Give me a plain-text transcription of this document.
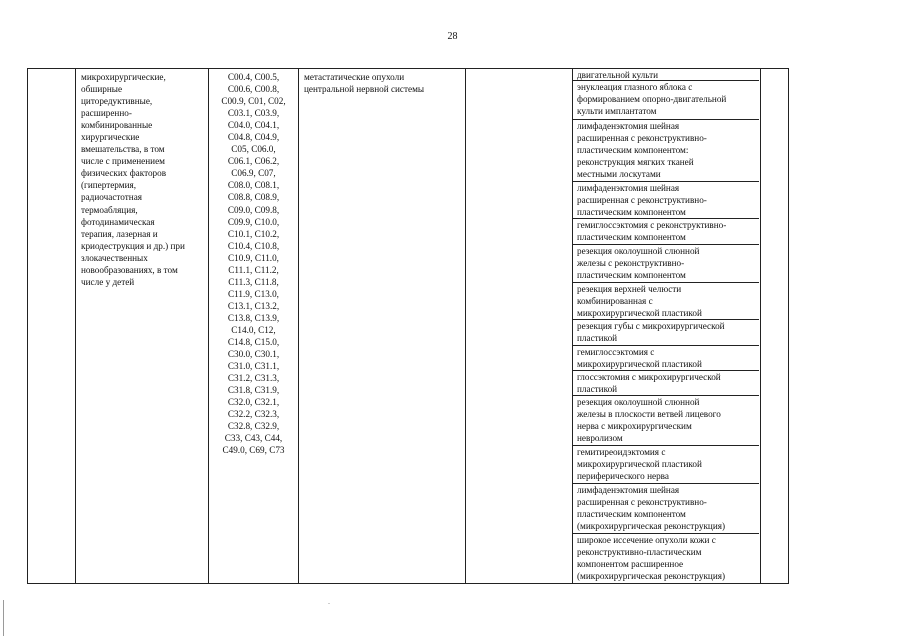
28
микрохирургические,
обширные
циторедуктивные,
расширенно-
комбинированные
хирургические
вмешательства, в том
числе с применением
физических факторов
(гипертермия,
радиочастотная
термоабляция,
фотодинамическая
терапия, лазерная и
криодеструкция и др.) при
злокачественных
новообразованиях, в том
числе у детей
C00.4, C00.5,
C00.6, C00.8,
C00.9, C01, C02,
C03.1, C03.9,
C04.0, C04.1,
C04.8, C04.9,
C05, C06.0,
C06.1, C06.2,
C06.9, C07,
C08.0, C08.1,
C08.8, C08.9,
C09.0, C09.8,
C09.9, C10.0,
C10.1, C10.2,
C10.4, C10.8,
C10.9, C11.0,
C11.1, C11.2,
C11.3, C11.8,
C11.9, C13.0,
C13.1, C13.2,
C13.8, C13.9,
C14.0, C12,
C14.8, C15.0,
C30.0, C30.1,
C31.0, C31.1,
C31.2, C31.3,
C31.8, C31.9,
C32.0, C32.1,
C32.2, C32.3,
C32.8, C32.9,
C33, C43, C44,
C49.0, C69, C73
метастатические опухоли
центральной нервной системы
двигательной культи
энуклеация глазного яблока с
формированием опорно-двигательной
культи имплантатом
лимфаденэктомия шейная
расширенная с реконструктивно-
пластическим компонентом:
реконструкция мягких тканей
местными лоскутами
лимфаденэктомия шейная
расширенная с реконструктивно-
пластическим компонентом
гемиглоссэктомия с реконструктивно-
пластическим компонентом
резекция околоушной слюнной
железы с реконструктивно-
пластическим компонентом
резекция верхней челюсти
комбинированная с
микрохирургической пластикой
резекция губы с микрохирургической
пластикой
гемиглоссэктомия с
микрохирургической пластикой
глоссэктомия с микрохирургической
пластикой
резекция околоушной слюнной
железы в плоскости ветвей лицевого
нерва с микрохирургическим
невролизом
гемитиреоидэктомия с
микрохирургической пластикой
периферического нерва
лимфаденэктомия шейная
расширенная с реконструктивно-
пластическим компонентом
(микрохирургическая реконструкция)
широкое иссечение опухоли кожи с
реконструктивно-пластическим
компонентом расширенное
(микрохирургическая реконструкция)
